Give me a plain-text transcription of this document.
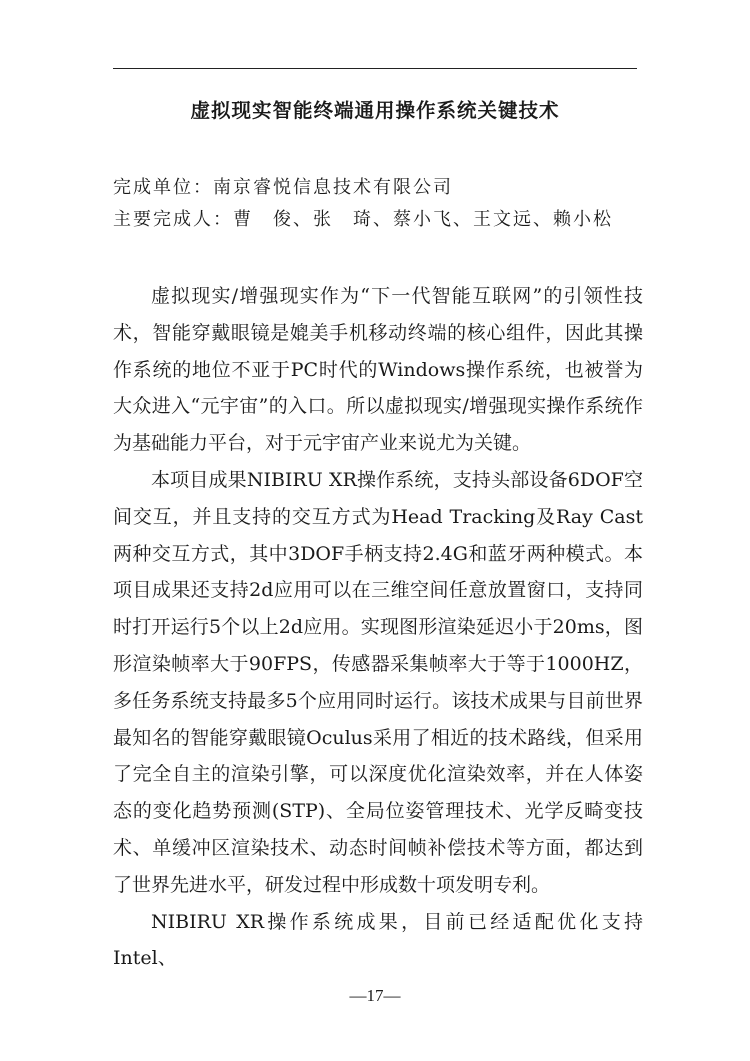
虚拟现实智能终端通用操作系统关键技术

完成单位：南京睿悦信息技术有限公司

主要完成人：曹　俊、张　琦、蔡小飞、王文远、赖小松

虚拟现实/增强现实作为“下一代智能互联网”的引领性技术，智能穿戴眼镜是媲美手机移动终端的核心组件，因此其操作系统的地位不亚于PC时代的Windows操作系统，也被誉为大众进入“元宇宙”的入口。所以虚拟现实/增强现实操作系统作为基础能力平台，对于元宇宙产业来说尤为关键。

本项目成果NIBIRU XR操作系统，支持头部设备6DOF空间交互，并且支持的交互方式为Head Tracking及Ray Cast两种交互方式，其中3DOF手柄支持2.4G和蓝牙两种模式。本项目成果还支持2d应用可以在三维空间任意放置窗口，支持同时打开运行5个以上2d应用。实现图形渲染延迟小于20ms，图形渲染帧率大于90FPS，传感器采集帧率大于等于1000HZ，多任务系统支持最多5个应用同时运行。该技术成果与目前世界最知名的智能穿戴眼镜Oculus采用了相近的技术路线，但采用了完全自主的渲染引擎，可以深度优化渲染效率，并在人体姿态的变化趋势预测(STP)、全局位姿管理技术、光学反畸变技术、单缓冲区渲染技术、动态时间帧补偿技术等方面，都达到了世界先进水平，研发过程中形成数十项发明专利。

NIBIRU XR操作系统成果，目前已经适配优化支持Intel、

—17—
